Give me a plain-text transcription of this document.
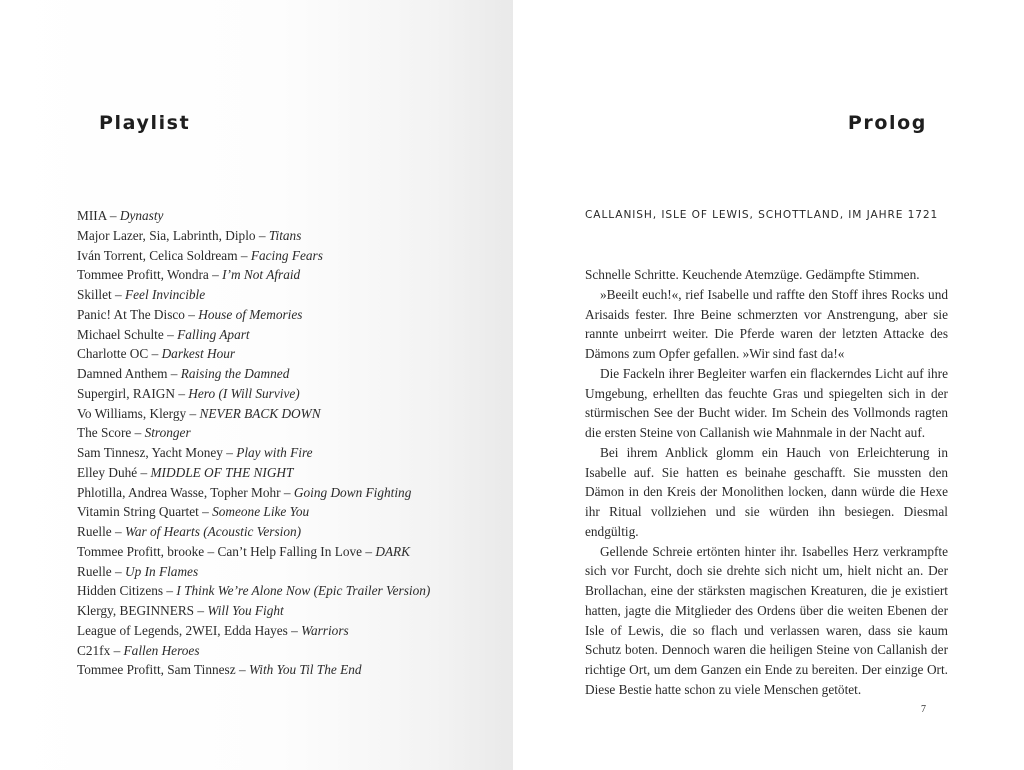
Playlist
MIIA – Dynasty
Major Lazer, Sia, Labrinth, Diplo – Titans
Iván Torrent, Celica Soldream – Facing Fears
Tommee Profitt, Wondra – I’m Not Afraid
Skillet – Feel Invincible
Panic! At The Disco – House of Memories
Michael Schulte – Falling Apart
Charlotte OC – Darkest Hour
Damned Anthem – Raising the Damned
Supergirl, RAIGN – Hero (I Will Survive)
Vo Williams, Klergy – NEVER BACK DOWN
The Score – Stronger
Sam Tinnesz, Yacht Money – Play with Fire
Elley Duhé – MIDDLE OF THE NIGHT
Phlotilla, Andrea Wasse, Topher Mohr – Going Down Fighting
Vitamin String Quartet – Someone Like You
Ruelle – War of Hearts (Acoustic Version)
Tommee Profitt, brooke – Can’t Help Falling In Love – DARK
Ruelle – Up In Flames
Hidden Citizens – I Think We’re Alone Now (Epic Trailer Version)
Klergy, BEGINNERS – Will You Fight
League of Legends, 2WEI, Edda Hayes – Warriors
C21fx – Fallen Heroes
Tommee Profitt, Sam Tinnesz – With You Til The End
Prolog

CALLANISH, ISLE OF LEWIS, SCHOTTLAND, IM JAHRE 1721

Schnelle Schritte. Keuchende Atemzüge. Gedämpfte Stimmen.

»Beeilt euch!«, rief Isabelle und raffte den Stoff ihres Rocks und Arisaids fester. Ihre Beine schmerzten vor Anstrengung, aber sie rannte unbeirrt weiter. Die Pferde waren der letzten Attacke des Dämons zum Opfer gefallen. »Wir sind fast da!«

Die Fackeln ihrer Begleiter warfen ein flackerndes Licht auf ihre Umgebung, erhellten das feuchte Gras und spiegelten sich in der stürmischen See der Bucht wider. Im Schein des Vollmonds ragten die ersten Steine von Callanish wie Mahnmale in der Nacht auf.

Bei ihrem Anblick glomm ein Hauch von Erleichterung in Isabelle auf. Sie hatten es beinahe geschafft. Sie mussten den Dämon in den Kreis der Monolithen locken, dann würde die Hexe ihr Ritual vollziehen und sie würden ihn besiegen. Diesmal endgültig.

Gellende Schreie ertönten hinter ihr. Isabelles Herz verkrampfte sich vor Furcht, doch sie drehte sich nicht um, hielt nicht an. Der Brollachan, eine der stärksten magischen Kreaturen, die je existiert hatten, jagte die Mitglieder des Ordens über die weiten Ebenen der Isle of Lewis, die so flach und verlassen waren, dass sie kaum Schutz boten. Dennoch waren die heiligen Steine von Callanish der richtige Ort, um dem Ganzen ein Ende zu bereiten. Der einzige Ort. Diese Bestie hatte schon zu viele Menschen getötet.

7
